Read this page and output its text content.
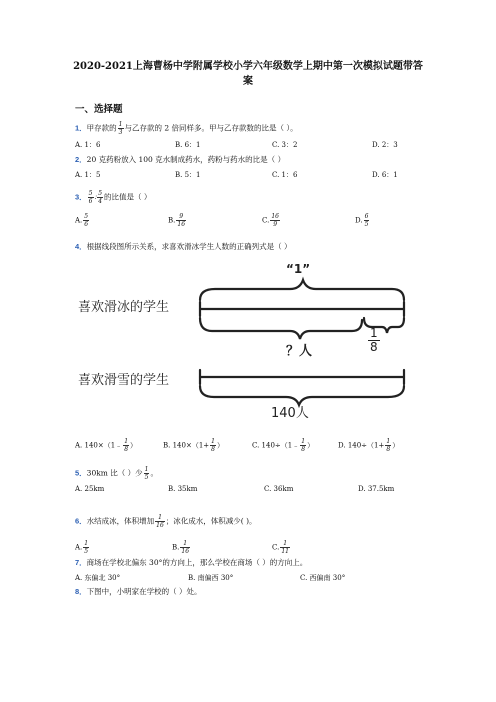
2020-2021上海曹杨中学附属学校小学六年级数学上期中第一次模拟试题带答
案
一、选择题
1．甲存款的 $\frac{1}{3}$ 与乙存款的 2 倍同样多。甲与乙存款数的比是（ ）。
A. 1：6	B. 6：1	C. 3：2	D. 2：3
2．20 克药粉放入 100 克水制成药水，药粉与药水的比是（ ）
A. 1：5	B. 5：1	C. 1：6	D. 6：1
3． $\frac{5}{6}$ ∶ $\frac{5}{4}$ 的比值是（ ）
A. $\frac{5}{6}$	B. $\frac{9}{16}$	C. $\frac{16}{9}$	D. $\frac{6}{5}$
4．根据线段图所示关系，求喜欢滑冰学生人数的正确列式是（ ）
“1”
喜欢滑冰的学生
喜欢滑雪的学生
？人
1
8
140人
A. 140×（1﹣ $\frac{1}{8}$ ）	B. $140\times(1+ \frac{1}{8}$ ）	C. 140÷（1﹣ $\frac{1}{8}$ ）	D. $140\div(1+ \frac{1}{8}$ ）
5．30km 比（ ）少 $\frac{1}{5}$ 。
A. 25km	B. 35km	C. 36km	D. 37.5km
6．水结成冰，体积增加 $\frac{1}{16}$ ；冰化成水，体积减少( )。
A. $\frac{1}{5}$	B. $\frac{1}{16}$	C. $\frac{1}{11}$
7．商场在学校北偏东 30°的方向上，那么学校在商场（ ）的方向上。
A. 东偏北 30°	B. 南偏西 30°	C. 西偏南 30°
8．下图中，小明家在学校的（ ）处。
